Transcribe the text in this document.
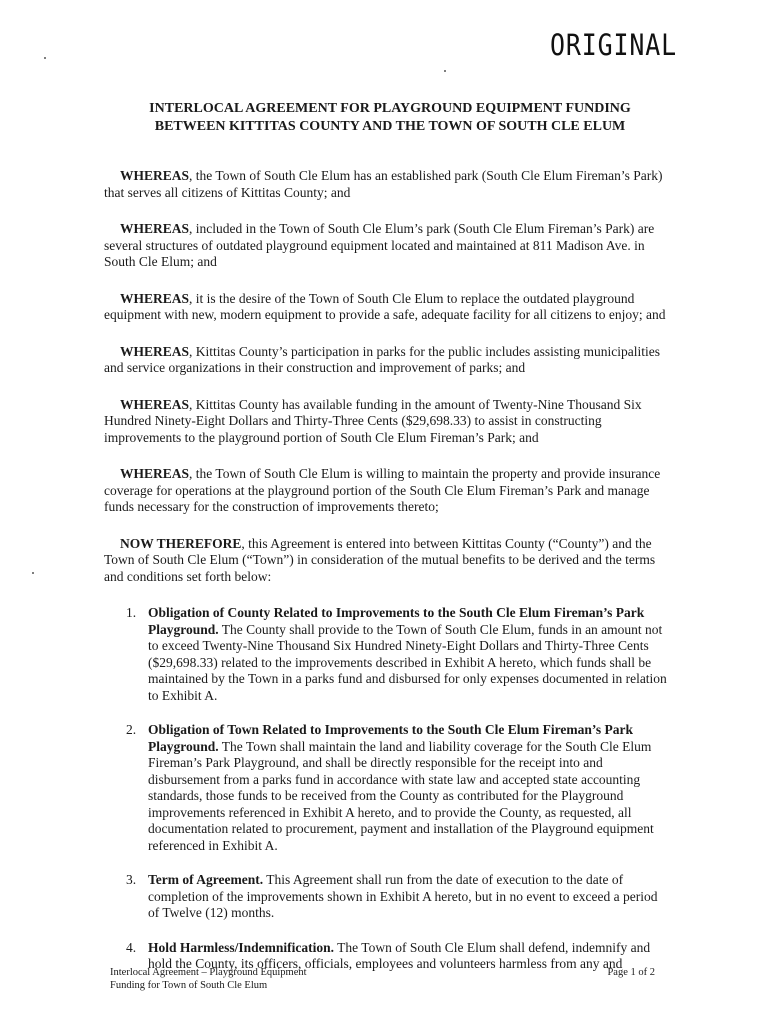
ORIGINAL
INTERLOCAL AGREEMENT FOR PLAYGROUND EQUIPMENT FUNDING
BETWEEN KITTITAS COUNTY AND THE TOWN OF SOUTH CLE ELUM

WHEREAS, the Town of South Cle Elum has an established park (South Cle Elum Fireman’s Park) that serves all citizens of Kittitas County; and

WHEREAS, included in the Town of South Cle Elum’s park (South Cle Elum Fireman’s Park) are several structures of outdated playground equipment located and maintained at 811 Madison Ave. in South Cle Elum; and

WHEREAS, it is the desire of the Town of South Cle Elum to replace the outdated playground equipment with new, modern equipment to provide a safe, adequate facility for all citizens to enjoy; and

WHEREAS, Kittitas County’s participation in parks for the public includes assisting municipalities and service organizations in their construction and improvement of parks; and

WHEREAS, Kittitas County has available funding in the amount of Twenty-Nine Thousand Six Hundred Ninety-Eight Dollars and Thirty-Three Cents ($29,698.33) to assist in constructing improvements to the playground portion of South Cle Elum Fireman’s Park; and

WHEREAS, the Town of South Cle Elum is willing to maintain the property and provide insurance coverage for operations at the playground portion of the South Cle Elum Fireman’s Park and manage funds necessary for the construction of improvements thereto;

NOW THEREFORE, this Agreement is entered into between Kittitas County (“County”) and the Town of South Cle Elum (“Town”) in consideration of the mutual benefits to be derived and the terms and conditions set forth below:

1. Obligation of County Related to Improvements to the South Cle Elum Fireman’s Park Playground. The County shall provide to the Town of South Cle Elum, funds in an amount not to exceed Twenty-Nine Thousand Six Hundred Ninety-Eight Dollars and Thirty-Three Cents ($29,698.33) related to the improvements described in Exhibit A hereto, which funds shall be maintained by the Town in a parks fund and disbursed for only expenses documented in relation to Exhibit A.
2. Obligation of Town Related to Improvements to the South Cle Elum Fireman’s Park Playground. The Town shall maintain the land and liability coverage for the South Cle Elum Fireman’s Park Playground, and shall be directly responsible for the receipt into and disbursement from a parks fund in accordance with state law and accepted state accounting standards, those funds to be received from the County as contributed for the Playground improvements referenced in Exhibit A hereto, and to provide the County, as requested, all documentation related to procurement, payment and installation of the Playground equipment referenced in Exhibit A.
3. Term of Agreement. This Agreement shall run from the date of execution to the date of completion of the improvements shown in Exhibit A hereto, but in no event to exceed a period of Twelve (12) months.
4. Hold Harmless/Indemnification. The Town of South Cle Elum shall defend, indemnify and hold the County, its officers, officials, employees and volunteers harmless from any and
Interlocal Agreement – Playground Equipment
Funding for Town of South Cle Elum
Page 1 of 2
